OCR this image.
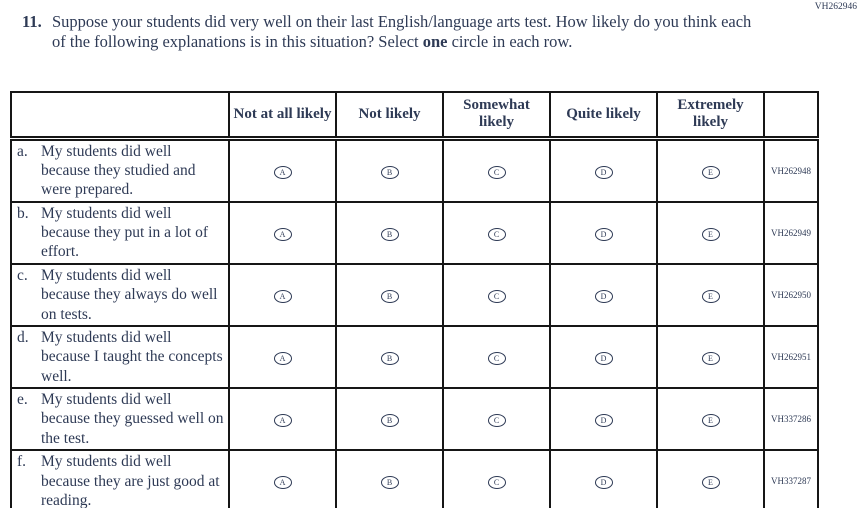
VH262946
11. Suppose your students did very well on their last English/language arts test. How likely do you think each of the following explanations is in this situation? Select one circle in each row.
	Not at all likely	Not likely	Somewhat likely	Quite likely	Extremely likely	

a. My students did well because they studied and were prepared.	A	B	C	D	E	VH262948

b. My students did well because they put in a lot of effort.	A	B	C	D	E	VH262949

c. My students did well because they always do well on tests.	A	B	C	D	E	VH262950

d. My students did well because I taught the concepts well.	A	B	C	D	E	VH262951

e. My students did well because they guessed well on the test.	A	B	C	D	E	VH337286

f. My students did well because they are just good at reading.	A	B	C	D	E	VH337287
